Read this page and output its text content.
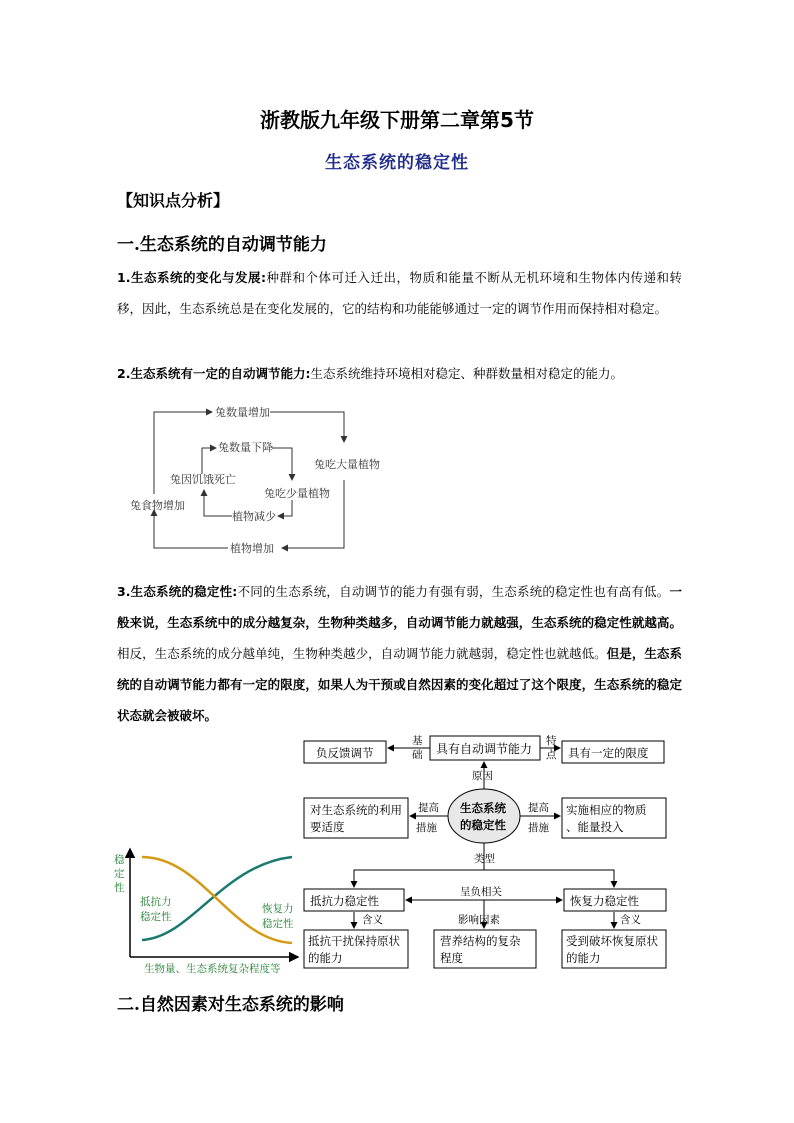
浙教版九年级下册第二章第5节
生态系统的稳定性
【知识点分析】
一.生态系统的自动调节能力
1.生态系统的变化与发展:种群和个体可迁入迁出，物质和能量不断从无机环境和生物体内传递和转移，因此，生态系统总是在变化发展的，它的结构和功能能够通过一定的调节作用而保持相对稳定。
2.生态系统有一定的自动调节能力:生态系统维持环境相对稳定、种群数量相对稳定的能力。
兔食物增加
兔数量增加
兔吃大量植物
植物增加
兔因饥饿死亡
兔数量下降
兔吃少量植物
植物减少
3.生态系统的稳定性:不同的生态系统，自动调节的能力有强有弱，生态系统的稳定性也有高有低。一般来说，生态系统中的成分越复杂，生物种类越多，自动调节能力就越强，生态系统的稳定性就越高。相反，生态系统的成分越单纯，生物种类越少，自动调节能力就越弱，稳定性也就越低。但是，生态系统的自动调节能力都有一定的限度，如果人为干预或自然因素的变化超过了这个限度，生态系统的稳定状态就会被破坏。
稳
定
性
抵抗力
稳定性
恢复力
稳定性
生物量、生态系统复杂程度等
负反馈调节	具有自动调节能力	具有一定的限度
对生态系统的利用
要适度
实施相应的物质
、能量投入
生态系统
的稳定性
抵抗力稳定性	恢复力稳定性
抵抗干扰保持原状
的能力
营养结构的复杂
程度
受到破坏恢复原状
的能力
基
础
特
点
原因
提高
措施
提高
措施
类型
呈负相关
含义	影响因素	含义
二.自然因素对生态系统的影响
